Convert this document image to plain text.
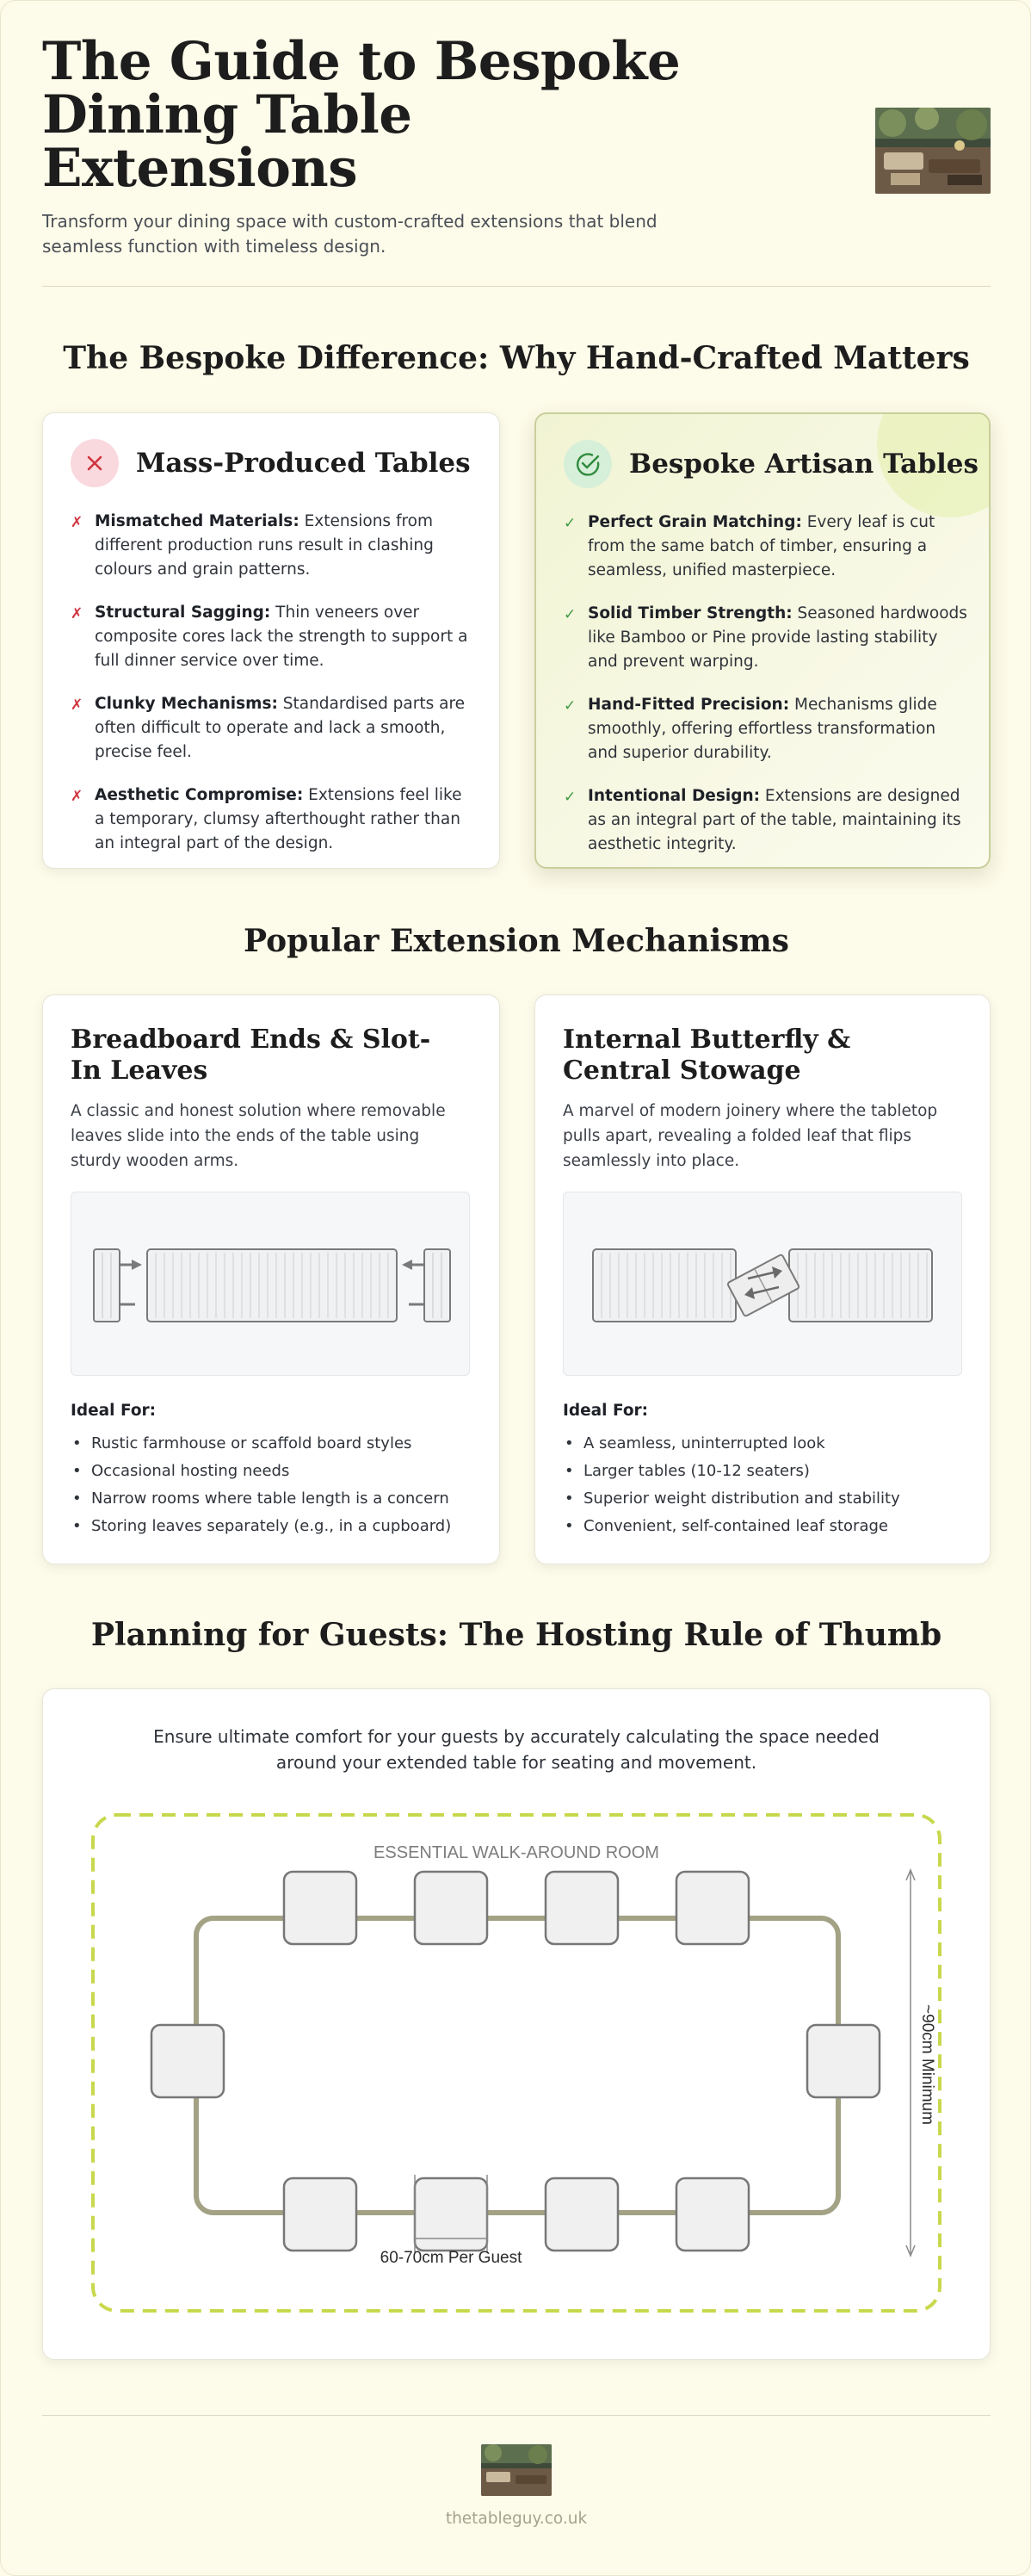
The Guide to Bespoke Dining Table Extensions

Transform your dining space with custom-crafted extensions that blend seamless function with timeless design.

The Bespoke Difference: Why Hand-Crafted Matters
Mass-Produced Tables
✗ Mismatched Materials: Extensions from different production runs result in clashing colours and grain patterns.
✗ Structural Sagging: Thin veneers over composite cores lack the strength to support a full dinner service over time.
✗ Clunky Mechanisms: Standardised parts are often difficult to operate and lack a smooth, precise feel.
✗ Aesthetic Compromise: Extensions feel like a temporary, clumsy afterthought rather than an integral part of the design.
Bespoke Artisan Tables
✓ Perfect Grain Matching: Every leaf is cut from the same batch of timber, ensuring a seamless, unified masterpiece.
✓ Solid Timber Strength: Seasoned hardwoods like Bamboo or Pine provide lasting stability and prevent warping.
✓ Hand-Fitted Precision: Mechanisms glide smoothly, offering effortless transformation and superior durability.
✓ Intentional Design: Extensions are designed as an integral part of the table, maintaining its aesthetic integrity.
Popular Extension Mechanisms
Breadboard Ends & Slot-In Leaves

A classic and honest solution where removable leaves slide into the ends of the table using sturdy wooden arms.

Ideal For:
• Rustic farmhouse or scaffold board styles
• Occasional hosting needs
• Narrow rooms where table length is a concern
• Storing leaves separately (e.g., in a cupboard)
Internal Butterfly & Central Stowage

A marvel of modern joinery where the tabletop pulls apart, revealing a folded leaf that flips seamlessly into place.

Ideal For:
• A seamless, uninterrupted look
• Larger tables (10-12 seaters)
• Superior weight distribution and stability
• Convenient, self-contained leaf storage
Planning for Guests: The Hosting Rule of Thumb

Ensure ultimate comfort for your guests by accurately calculating the space needed around your extended table for seating and movement.

ESSENTIAL WALK-AROUND ROOM
60-70cm Per Guest
~90cm Minimum
thetableguy.co.uk
